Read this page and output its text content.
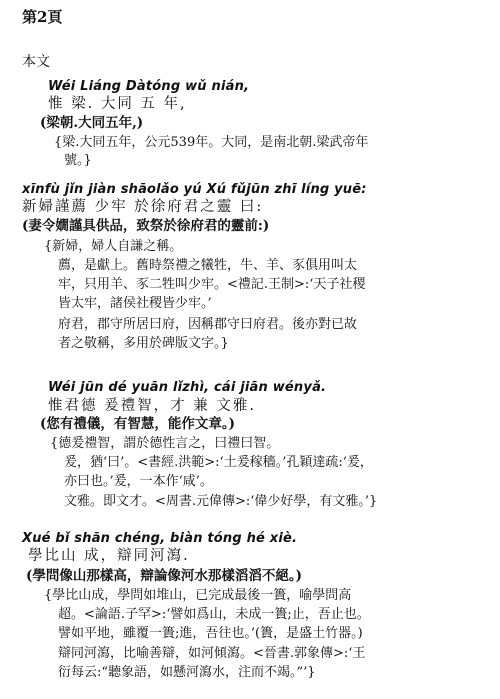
第2頁
本文
Wéi Liáng Dàtóng wǔ nián,
惟 梁. 大同 五 年,
(梁朝.大同五年,)
{梁.大同五年，公元539年。大同，是南北朝.梁武帝年
號。}
xīnfù jǐn jiàn shāolǎo yú Xú fǔjūn zhī líng yuē:
新婦謹薦 少牢 於徐府君之靈 曰:
(妻令嫺謹具供品，致祭於徐府君的靈前:)
{新婦，婦人自謙之稱。
薦，是獻上。舊時祭禮之犧牲，牛、羊、豕俱用叫太
牢，只用羊、豕二牲叫少牢。<禮記.王制>:‘天子社稷
皆太牢，諸侯社稷皆少牢。’
府君，郡守所居曰府，因稱郡守曰府君。後亦對已故
者之敬稱，多用於碑版文字。}
Wéi jūn dé yuān lǐzhì, cái jiān wényǎ.
惟君德 爰禮智，才 兼 文雅.
(您有禮儀，有智慧，能作文章。)
{德爰禮智，謂於德性言之，曰禮曰智。
爰，猶‘曰’。<書經.洪範>:‘土爰稼穡。’孔穎達疏:‘爰，
亦曰也。’爰，一本作‘咸’。
文雅。即文才。<周書.元偉傳>:‘偉少好學，有文雅。’}
Xué bǐ shān chéng, biàn tóng hé xiè.
學比山 成，辯同河瀉.
(學問像山那樣高，辯論像河水那樣滔滔不絕。)
{學比山成，學問如堆山，已完成最後一簣，喻學問高
超。<論語.子罕>:‘譬如爲山，未成一簣;止，吾止也。
譬如平地，雖覆一簣;進，吾往也。’(簣，是盛土竹器。)
辯同河瀉，比喻善辯，如河傾瀉。<晉書.郭象傳>:‘王
衍每云:“聽象語，如懸河瀉水，注而不竭。”’}
